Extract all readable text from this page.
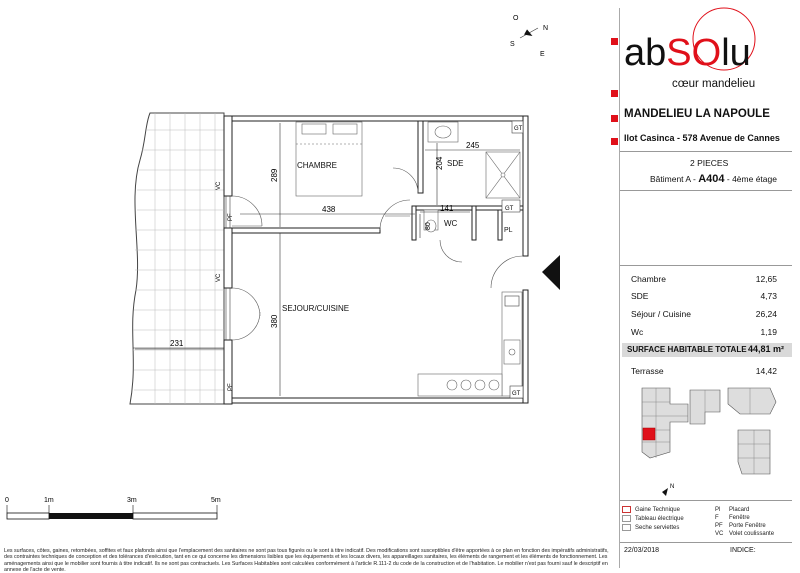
CHAMBRE	SDE
WC
SEJOUR/CUISINE
PL
289
438
245
204
141
80
380
231
GT
GT
GT
VC
VC
PF
PF
O
N
S
E
0	1m	3m	5m
Les surfaces, côtes, gaines, retombées, soffites et faux plafonds ainsi que l'emplacement des sanitaires ne sont pas tous figurés ou le sont à titre indicatif. Des modifications sont susceptibles d'être apportées à ce plan en fonction des impératifs administratifs, des contraintes techniques de conception et des tolérances d'exécution, tant en ce qui concerne les dimensions lisibles que les équipements et les locaux divers, les appareillages sanitaires, les éléments de rangement et les éléments de fonctionnement. Les aménagements ainsi que le mobilier sont fournis à titre indicatif. Ils ne sont pas contractuels. Les Surfaces Habitables sont calculées conformément à l'article R.111-2 du code de la construction et de l'habitation. Le mobilier n'est pas fourni sauf le descriptif en annexe de l'acte de vente.
abSOlu
cœur mandelieu
MANDELIEU LA NAPOULE
Ilot Casinca - 578 Avenue de Cannes
2 PIECES
Bâtiment A - A404 - 4ème étage
Chambre	12,65
SDE	4,73
Séjour / Cuisine	26,24
Wc	1,19
SURFACE HABITABLE TOTALE 44,81 m²
Terrasse	14,42
N
Gaine Technique
Tableau électrique
Seche serviettes
Pl Placard
F Fenêtre
PF Porte Fenêtre
VC Volet coulissante
22/03/2018	INDICE:
